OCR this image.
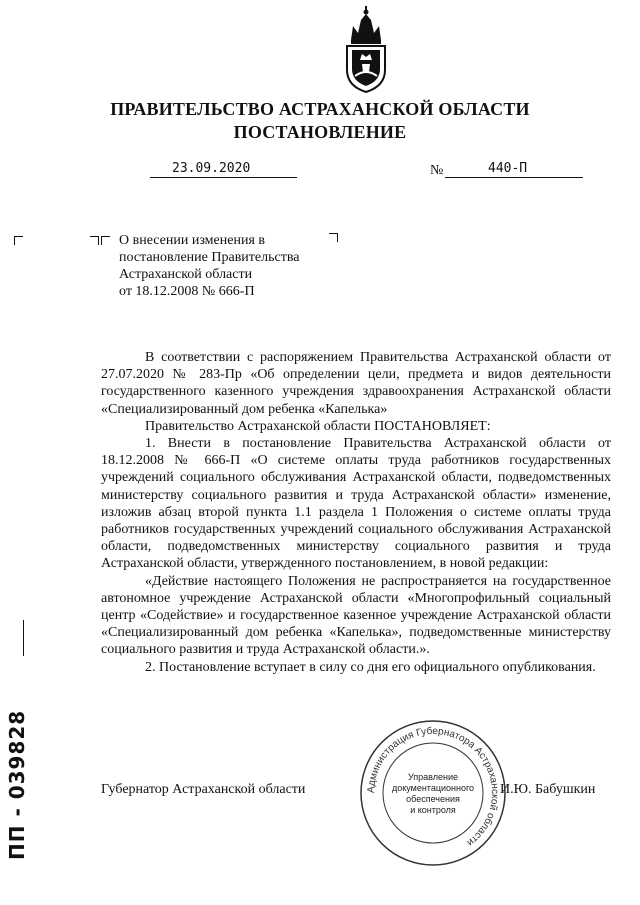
ПРАВИТЕЛЬСТВО АСТРАХАНСКОЙ ОБЛАСТИ
ПОСТАНОВЛЕНИЕ
23.09.2020	№	440-П
О внесении изменения в
постановление Правительства
Астраханской области
от 18.12.2008 № 666-П

В соответствии с распоряжением Правительства Астраханской области от 27.07.2020 № 283-Пр «Об определении цели, предмета и видов деятельности государственного казенного учреждения здравоохранения Астраханской области «Специализированный дом ребенка «Капелька»

Правительство Астраханской области ПОСТАНОВЛЯЕТ:

1. Внести в постановление Правительства Астраханской области от 18.12.2008 № 666-П «О системе оплаты труда работников государственных учреждений социального обслуживания Астраханской области, подведомственных министерству социального развития и труда Астраханской области» изменение, изложив абзац второй пункта 1.1 раздела 1 Положения о системе оплаты труда работников государственных учреждений социального обслуживания Астраханской области, подведомственных министерству социального развития и труда Астраханской области, утвержденного постановлением, в новой редакции:

«Действие настоящего Положения не распространяется на государственное автономное учреждение Астраханской области «Многопрофильный социальный центр «Содействие» и государственное казенное учреждение Астраханской области «Специализированный дом ребенка «Капелька», подведомственные министерству социального развития и труда Астраханской области.».

2. Постановление вступает в силу со дня его официального опубликования.

Губернатор Астраханской области	И.Ю. Бабушкин
Администрация Губернатора Астраханской области
Управление
документационного
обеспечения
и контроля
ПП - 039828
